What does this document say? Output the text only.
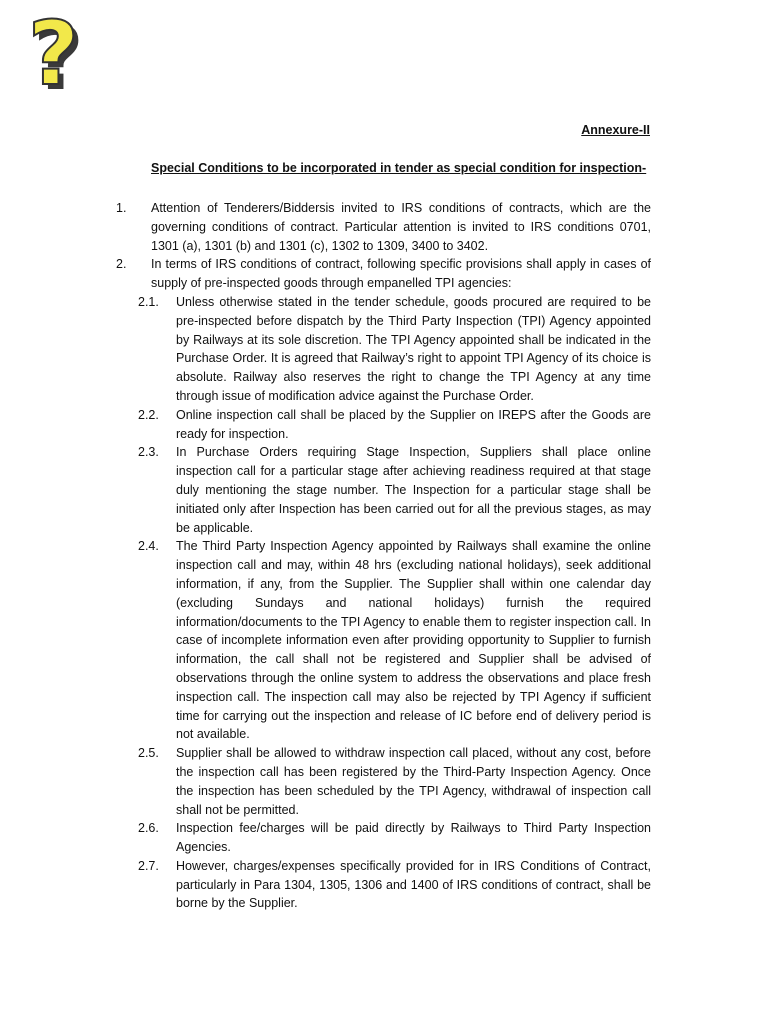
?
Annexure-II
Special Conditions to be incorporated in tender as special condition for inspection-
1. Attention of Tenderers/Biddersis invited to IRS conditions of contracts, which are the governing conditions of contract. Particular attention is invited to IRS conditions 0701, 1301 (a), 1301 (b) and 1301 (c), 1302 to 1309, 3400 to 3402.
2. In terms of IRS conditions of contract, following specific provisions shall apply in cases of supply of pre-inspected goods through empanelled TPI agencies:
2.1. Unless otherwise stated in the tender schedule, goods procured are required to be pre-inspected before dispatch by the Third Party Inspection (TPI) Agency appointed by Railways at its sole discretion. The TPI Agency appointed shall be indicated in the Purchase Order. It is agreed that Railway’s right to appoint TPI Agency of its choice is absolute. Railway also reserves the right to change the TPI Agency at any time through issue of modification advice against the Purchase Order.
2.2. Online inspection call shall be placed by the Supplier on IREPS after the Goods are ready for inspection.
2.3. In Purchase Orders requiring Stage Inspection, Suppliers shall place online inspection call for a particular stage after achieving readiness required at that stage duly mentioning the stage number. The Inspection for a particular stage shall be initiated only after Inspection has been carried out for all the previous stages, as may be applicable.
2.4. The Third Party Inspection Agency appointed by Railways shall examine the online inspection call and may, within 48 hrs (excluding national holidays), seek additional information, if any, from the Supplier. The Supplier shall within one calendar day (excluding Sundays and national holidays) furnish the required information/documents to the TPI Agency to enable them to register inspection call. In case of incomplete information even after providing opportunity to Supplier to furnish information, the call shall not be registered and Supplier shall be advised of observations through the online system to address the observations and place fresh inspection call. The inspection call may also be rejected by TPI Agency if sufficient time for carrying out the inspection and release of IC before end of delivery period is not available.
2.5. Supplier shall be allowed to withdraw inspection call placed, without any cost, before the inspection call has been registered by the Third-Party Inspection Agency. Once the inspection has been scheduled by the TPI Agency, withdrawal of inspection call shall not be permitted.
2.6. Inspection fee/charges will be paid directly by Railways to Third Party Inspection Agencies.
2.7. However, charges/expenses specifically provided for in IRS Conditions of Contract, particularly in Para 1304, 1305, 1306 and 1400 of IRS conditions of contract, shall be borne by the Supplier.
